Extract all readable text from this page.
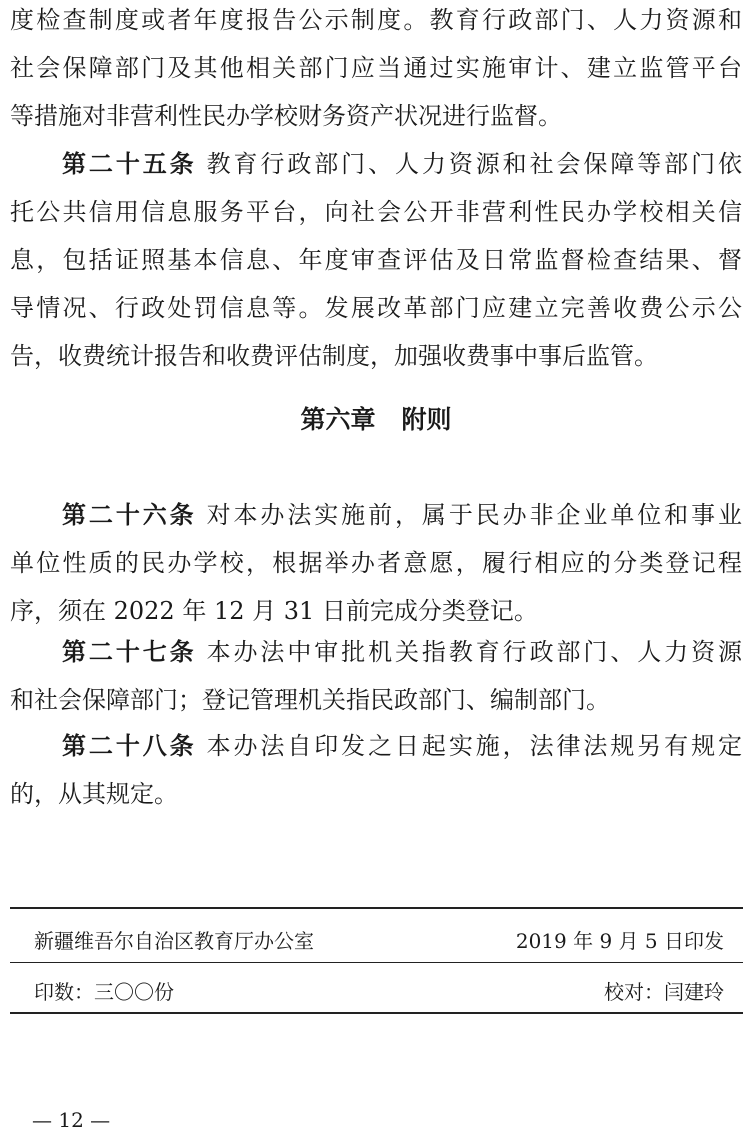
度检查制度或者年度报告公示制度。教育行政部门、人力资源和
社会保障部门及其他相关部门应当通过实施审计、建立监管平台
等措施对非营利性民办学校财务资产状况进行监督。
第二十五条 教育行政部门、人力资源和社会保障等部门依
托公共信用信息服务平台，向社会公开非营利性民办学校相关信
息，包括证照基本信息、年度审查评估及日常监督检查结果、督
导情况、行政处罚信息等。发展改革部门应建立完善收费公示公
告，收费统计报告和收费评估制度，加强收费事中事后监管。
第六章 附则
第二十六条 对本办法实施前，属于民办非企业单位和事业
单位性质的民办学校，根据举办者意愿，履行相应的分类登记程
序，须在 2022 年 12 月 31 日前完成分类登记。
第二十七条 本办法中审批机关指教育行政部门、人力资源
和社会保障部门；登记管理机关指民政部门、编制部门。
第二十八条 本办法自印发之日起实施，法律法规另有规定
的，从其规定。
新疆维吾尔自治区教育厅办公室	2019 年 9 月 5 日印发
印数：三〇〇份	校对：闫建玲
— 12 —
